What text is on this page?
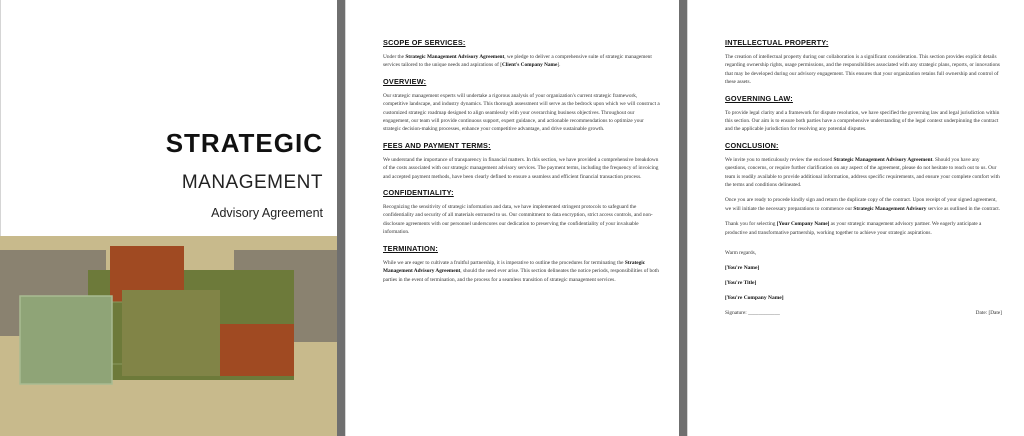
STRATEGIC
MANAGEMENT
Advisory Agreement
SCOPE OF SERVICES:
Under the Strategic Management Advisory Agreement, we pledge to deliver a comprehensive suite of strategic management services tailored to the unique needs and aspirations of [Client's Company Name].
OVERVIEW:
Our strategic management experts will undertake a rigorous analysis of your organization's current strategic framework, competitive landscape, and industry dynamics. This thorough assessment will serve as the bedrock upon which we will construct a customized strategic roadmap designed to align seamlessly with your overarching business objectives. Throughout our engagement, our team will provide continuous support, expert guidance, and actionable recommendations to optimize your strategic decision-making processes, enhance your competitive advantage, and drive sustainable growth.
FEES AND PAYMENT TERMS:
We understand the importance of transparency in financial matters. In this section, we have provided a comprehensive breakdown of the costs associated with our strategic management advisory services. The payment terms, including the frequency of invoicing and accepted payment methods, have been clearly defined to ensure a seamless and efficient financial transaction process.
CONFIDENTIALITY:
Recognizing the sensitivity of strategic information and data, we have implemented stringent protocols to safeguard the confidentiality and security of all materials entrusted to us. Our commitment to data encryption, strict access controls, and non-disclosure agreements with our personnel underscores our dedication to preserving the confidentiality of your invaluable information.
TERMINATION:
While we are eager to cultivate a fruitful partnership, it is imperative to outline the procedures for terminating the Strategic Management Advisory Agreement, should the need ever arise. This section delineates the notice periods, responsibilities of both parties in the event of termination, and the process for a seamless transition of strategic management services.
INTELLECTUAL PROPERTY:
The creation of intellectual property during our collaboration is a significant consideration. This section provides explicit details regarding ownership rights, usage permissions, and the responsibilities associated with any strategic plans, reports, or innovations that may be developed during our advisory engagement. This ensures that your organization retains full ownership and control of these assets.
GOVERNING LAW:
To provide legal clarity and a framework for dispute resolution, we have specified the governing law and legal jurisdiction within this section. Our aim is to ensure both parties have a comprehensive understanding of the legal context underpinning the contract and the applicable jurisdiction for resolving any potential disputes.
CONCLUSION:
We invite you to meticulously review the enclosed Strategic Management Advisory Agreement. Should you have any questions, concerns, or require further clarification on any aspect of the agreement, please do not hesitate to reach out to us. Our team is readily available to provide additional information, address specific requirements, and ensure your complete comfort with the terms and conditions delineated.
Once you are ready to procede kindly sign and return the duplicate copy of the contract. Upon receipt of your signed agreement, we will initiate the necessary preparations to commence our Strategic Management Advisory service as outlined in the contract.
Thank you for selecting [Your Company Name] as your strategic management advisory partner. We eagerly anticipate a productive and transformative partnership, working together to achieve your strategic aspirations.
Warm regards,
[You're Name]
[You're Title]
[You're Company Name]
Signature: ____________	Date: [Date]
